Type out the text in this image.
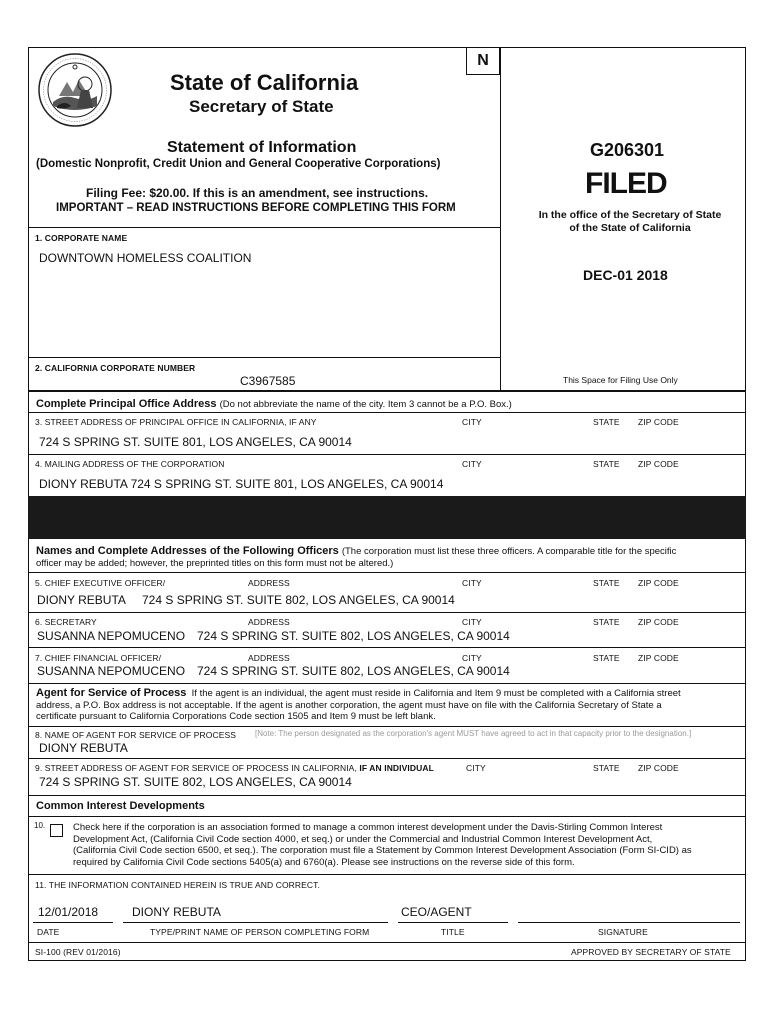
State of California
Secretary of State
N
Statement of Information
(Domestic Nonprofit, Credit Union and General Cooperative Corporations)
Filing Fee: $20.00. If this is an amendment, see instructions.
IMPORTANT – READ INSTRUCTIONS BEFORE COMPLETING THIS FORM
G206301
FILED
In the office of the Secretary of State
of the State of California
DEC-01 2018
This Space for Filing Use Only
1. CORPORATE NAME
DOWNTOWN HOMELESS COALITION
2. CALIFORNIA CORPORATE NUMBER
C3967585
Complete Principal Office Address (Do not abbreviate the name of the city. Item 3 cannot be a P.O. Box.)
3. STREET ADDRESS OF PRINCIPAL OFFICE IN CALIFORNIA, IF ANY	CITY	STATE ZIP CODE
724 S SPRING ST. SUITE 801, LOS ANGELES, CA 90014
4. MAILING ADDRESS OF THE CORPORATION	CITY	STATE ZIP CODE
DIONY REBUTA 724 S SPRING ST. SUITE 801, LOS ANGELES, CA 90014
Names and Complete Addresses of the Following Officers (The corporation must list these three officers. A comparable title for the specific
officer may be added; however, the preprinted titles on this form must not be altered.)
5. CHIEF EXECUTIVE OFFICER/	ADDRESS	CITY	STATE ZIP CODE
DIONY REBUTA 724 S SPRING ST. SUITE 802, LOS ANGELES, CA 90014
6. SECRETARY	ADDRESS	CITY	STATE ZIP CODE
SUSANNA NEPOMUCENO 724 S SPRING ST. SUITE 802, LOS ANGELES, CA 90014
7. CHIEF FINANCIAL OFFICER/	ADDRESS	CITY	STATE ZIP CODE
SUSANNA NEPOMUCENO 724 S SPRING ST. SUITE 802, LOS ANGELES, CA 90014
Agent for Service of Process If the agent is an individual, the agent must reside in California and Item 9 must be completed with a California street
address, a P.O. Box address is not acceptable. If the agent is another corporation, the agent must have on file with the California Secretary of State a
certificate pursuant to California Corporations Code section 1505 and Item 9 must be left blank.
8. NAME OF AGENT FOR SERVICE OF PROCESS [Note: The person designated as the corporation's agent MUST have agreed to act in that capacity prior to the designation.]
DIONY REBUTA
9. STREET ADDRESS OF AGENT FOR SERVICE OF PROCESS IN CALIFORNIA, IF AN INDIVIDUAL	CITY	STATE ZIP CODE
724 S SPRING ST. SUITE 802, LOS ANGELES, CA 90014
Common Interest Developments
10.	Check here if the corporation is an association formed to manage a common interest development under the Davis-Stirling Common Interest
Development Act, (California Civil Code section 4000, et seq.) or under the Commercial and Industrial Common Interest Development Act,
(California Civil Code section 6500, et seq.). The corporation must file a Statement by Common Interest Development Association (Form SI-CID) as
required by California Civil Code sections 5405(a) and 6760(a). Please see instructions on the reverse side of this form.
11. THE INFORMATION CONTAINED HEREIN IS TRUE AND CORRECT.
12/01/2018	DIONY REBUTA	CEO/AGENT
DATE	TYPE/PRINT NAME OF PERSON COMPLETING FORM	TITLE	SIGNATURE
SI-100 (REV 01/2016)	APPROVED BY SECRETARY OF STATE
